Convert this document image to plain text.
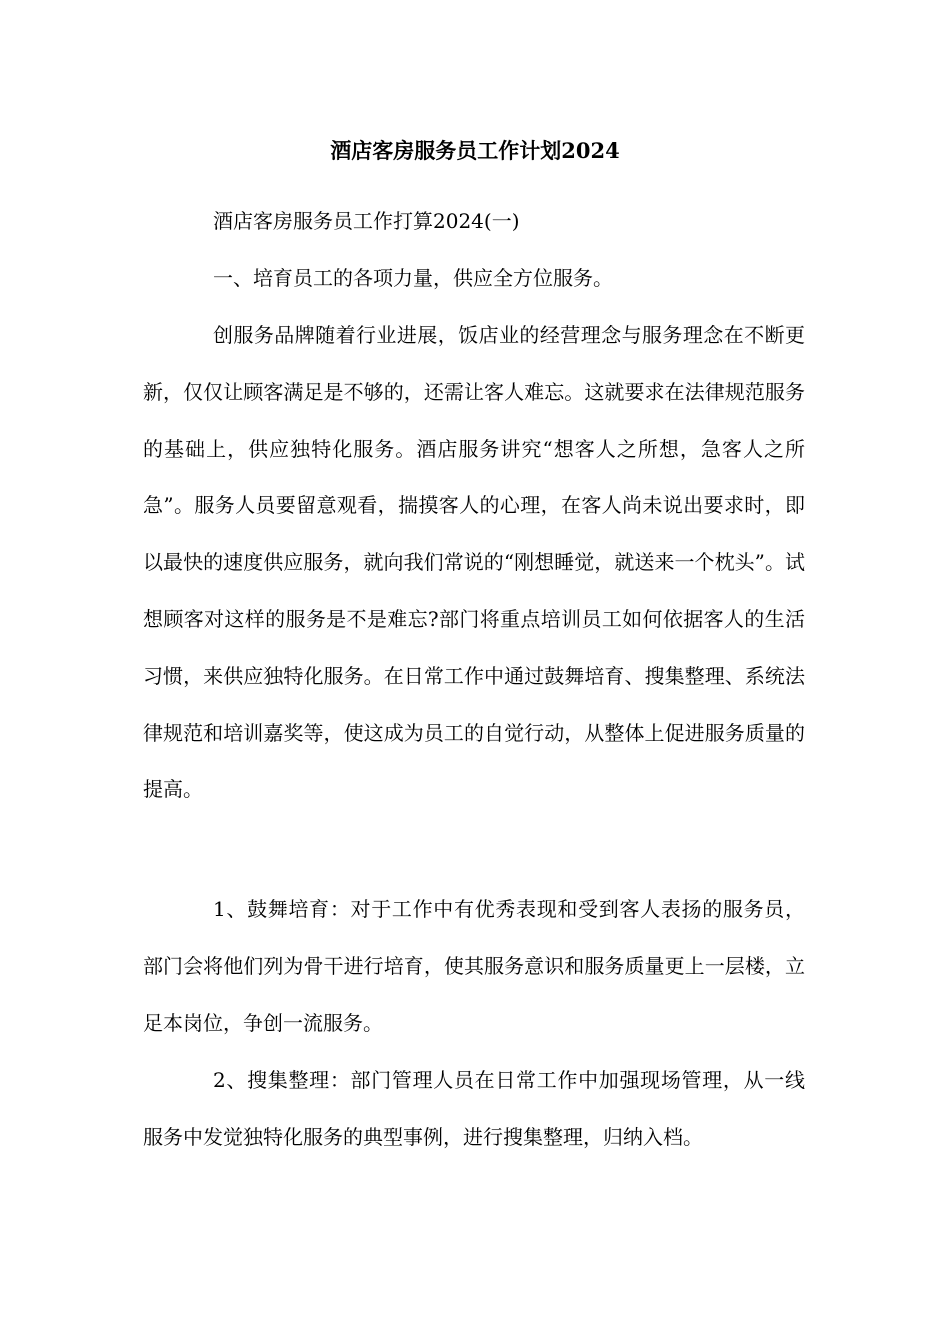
酒店客房服务员工作计划2024
酒店客房服务员工作打算2024(一)
一、培育员工的各项力量，供应全方位服务。

创服务品牌随着行业进展，饭店业的经营理念与服务理念在不断更新，仅仅让顾客满足是不够的，还需让客人难忘。这就要求在法律规范服务的基础上，供应独特化服务。酒店服务讲究“想客人之所想，急客人之所急”。服务人员要留意观看，揣摸客人的心理，在客人尚未说出要求时，即以最快的速度供应服务，就向我们常说的“刚想睡觉，就送来一个枕头”。试想顾客对这样的服务是不是难忘?部门将重点培训员工如何依据客人的生活习惯，来供应独特化服务。在日常工作中通过鼓舞培育、搜集整理、系统法律规范和培训嘉奖等，使这成为员工的自觉行动，从整体上促进服务质量的提高。

1、鼓舞培育：对于工作中有优秀表现和受到客人表扬的服务员，部门会将他们列为骨干进行培育，使其服务意识和服务质量更上一层楼，立足本岗位，争创一流服务。

2、搜集整理：部门管理人员在日常工作中加强现场管理，从一线服务中发觉独特化服务的典型事例，进行搜集整理，归纳入档。
